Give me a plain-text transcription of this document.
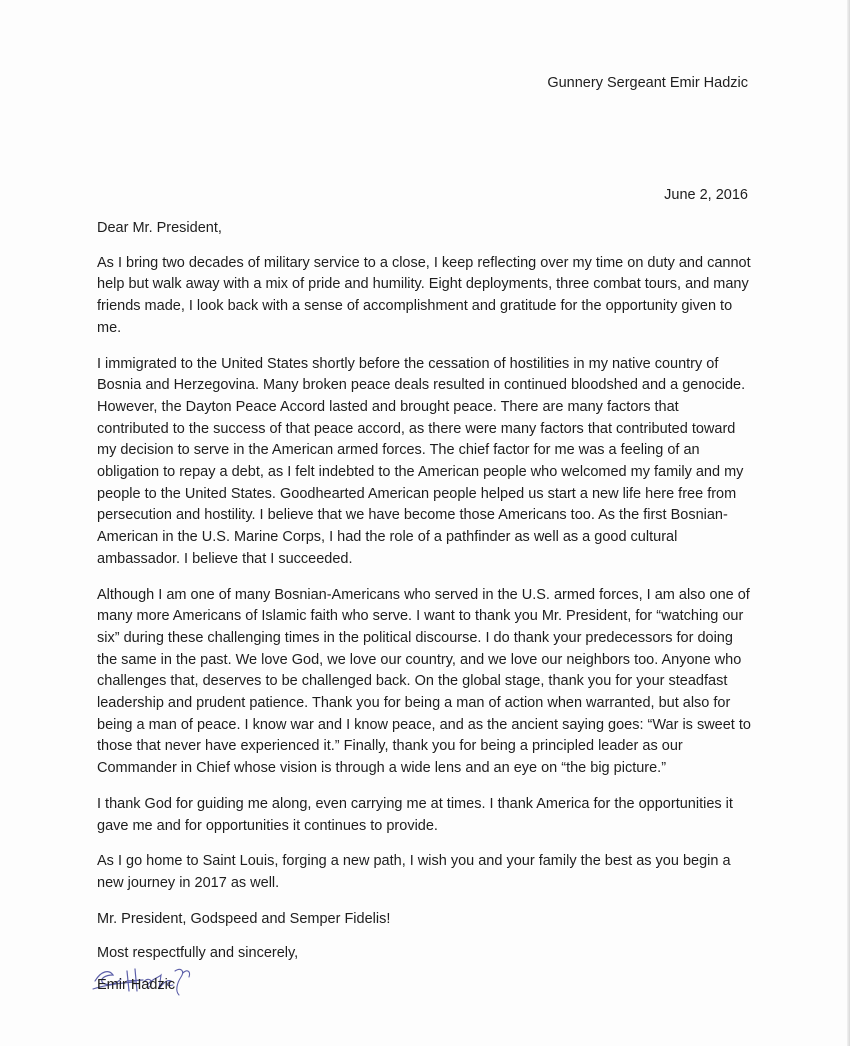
Gunnery Sergeant Emir Hadzic
June 2, 2016

Dear Mr. President,

As I bring two decades of military service to a close, I keep reflecting over my time on duty and cannot help but walk away with a mix of pride and humility. Eight deployments, three combat tours, and many friends made, I look back with a sense of accomplishment and gratitude for the opportunity given to me.

I immigrated to the United States shortly before the cessation of hostilities in my native country of Bosnia and Herzegovina. Many broken peace deals resulted in continued bloodshed and a genocide. However, the Dayton Peace Accord lasted and brought peace. There are many factors that contributed to the success of that peace accord, as there were many factors that contributed toward my decision to serve in the American armed forces. The chief factor for me was a feeling of an obligation to repay a debt, as I felt indebted to the American people who welcomed my family and my people to the United States. Goodhearted American people helped us start a new life here free from persecution and hostility. I believe that we have become those Americans too. As the first Bosnian-American in the U.S. Marine Corps, I had the role of a pathfinder as well as a good cultural ambassador. I believe that I succeeded.

Although I am one of many Bosnian-Americans who served in the U.S. armed forces, I am also one of many more Americans of Islamic faith who serve. I want to thank you Mr. President, for “watching our six” during these challenging times in the political discourse. I do thank your predecessors for doing the same in the past. We love God, we love our country, and we love our neighbors too. Anyone who challenges that, deserves to be challenged back. On the global stage, thank you for your steadfast leadership and prudent patience. Thank you for being a man of action when warranted, but also for being a man of peace. I know war and I know peace, and as the ancient saying goes: “War is sweet to those that never have experienced it.” Finally, thank you for being a principled leader as our Commander in Chief whose vision is through a wide lens and an eye on “the big picture.”

I thank God for guiding me along, even carrying me at times. I thank America for the opportunities it gave me and for opportunities it continues to provide.

As I go home to Saint Louis, forging a new path, I wish you and your family the best as you begin a new journey in 2017 as well.

Mr. President, Godspeed and Semper Fidelis!

Most respectfully and sincerely,

Emir Hadzic
